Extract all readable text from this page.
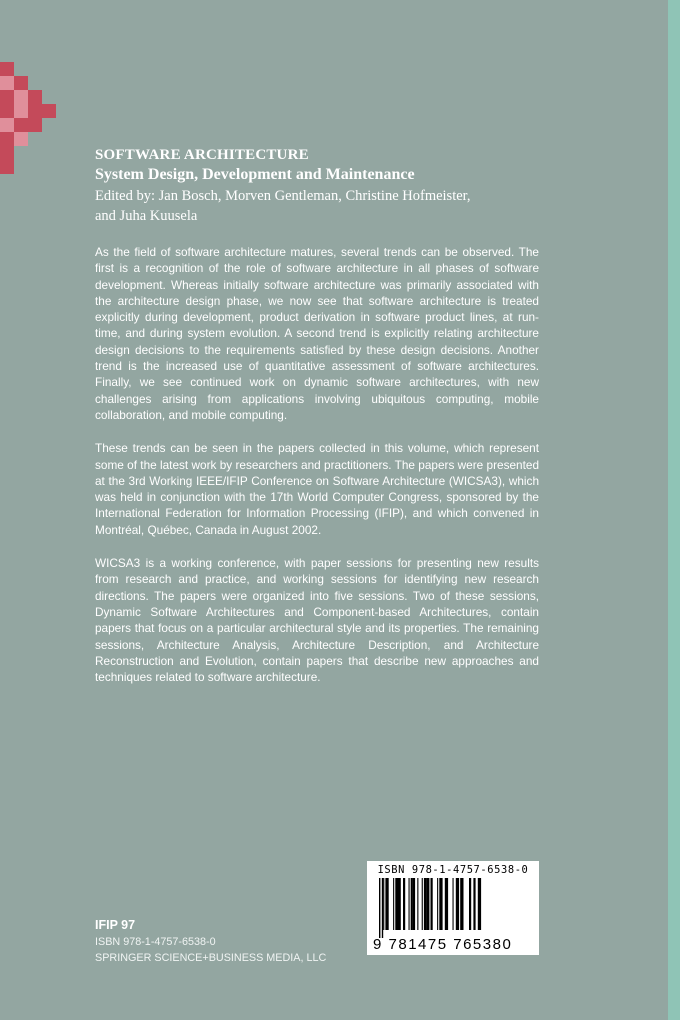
SOFTWARE ARCHITECTURE
System Design, Development and Maintenance
Edited by: Jan Bosch, Morven Gentleman, Christine Hofmeister,
and Juha Kuusela

As the field of software architecture matures, several trends can be observed. The first is a recognition of the role of software architecture in all phases of software development. Whereas initially software architecture was primarily associated with the architecture design phase, we now see that software architecture is treated explicitly during development, product derivation in software product lines, at run-time, and during system evolution. A second trend is explicitly relating architecture design decisions to the requirements satisfied by these design decisions. Another trend is the increased use of quantitative assessment of software architectures. Finally, we see continued work on dynamic software architectures, with new challenges arising from applications involving ubiquitous computing, mobile collaboration, and mobile computing.

These trends can be seen in the papers collected in this volume, which represent some of the latest work by researchers and practitioners. The papers were presented at the 3rd Working IEEE/IFIP Conference on Software Architecture (WICSA3), which was held in conjunction with the 17th World Computer Congress, sponsored by the International Federation for Information Processing (IFIP), and which convened in Montréal, Québec, Canada in August 2002.

WICSA3 is a working conference, with paper sessions for presenting new results from research and practice, and working sessions for identifying new research directions. The papers were organized into five sessions. Two of these sessions, Dynamic Software Architectures and Component-based Architectures, contain papers that focus on a particular architectural style and its properties. The remaining sessions, Architecture Analysis, Architecture Description, and Architecture Reconstruction and Evolution, contain papers that describe new approaches and techniques related to software architecture.

ISBN 978-1-4757-6538-0
9 781475 765380
IFIP 97
ISBN 978-1-4757-6538-0
SPRINGER SCIENCE+BUSINESS MEDIA, LLC
